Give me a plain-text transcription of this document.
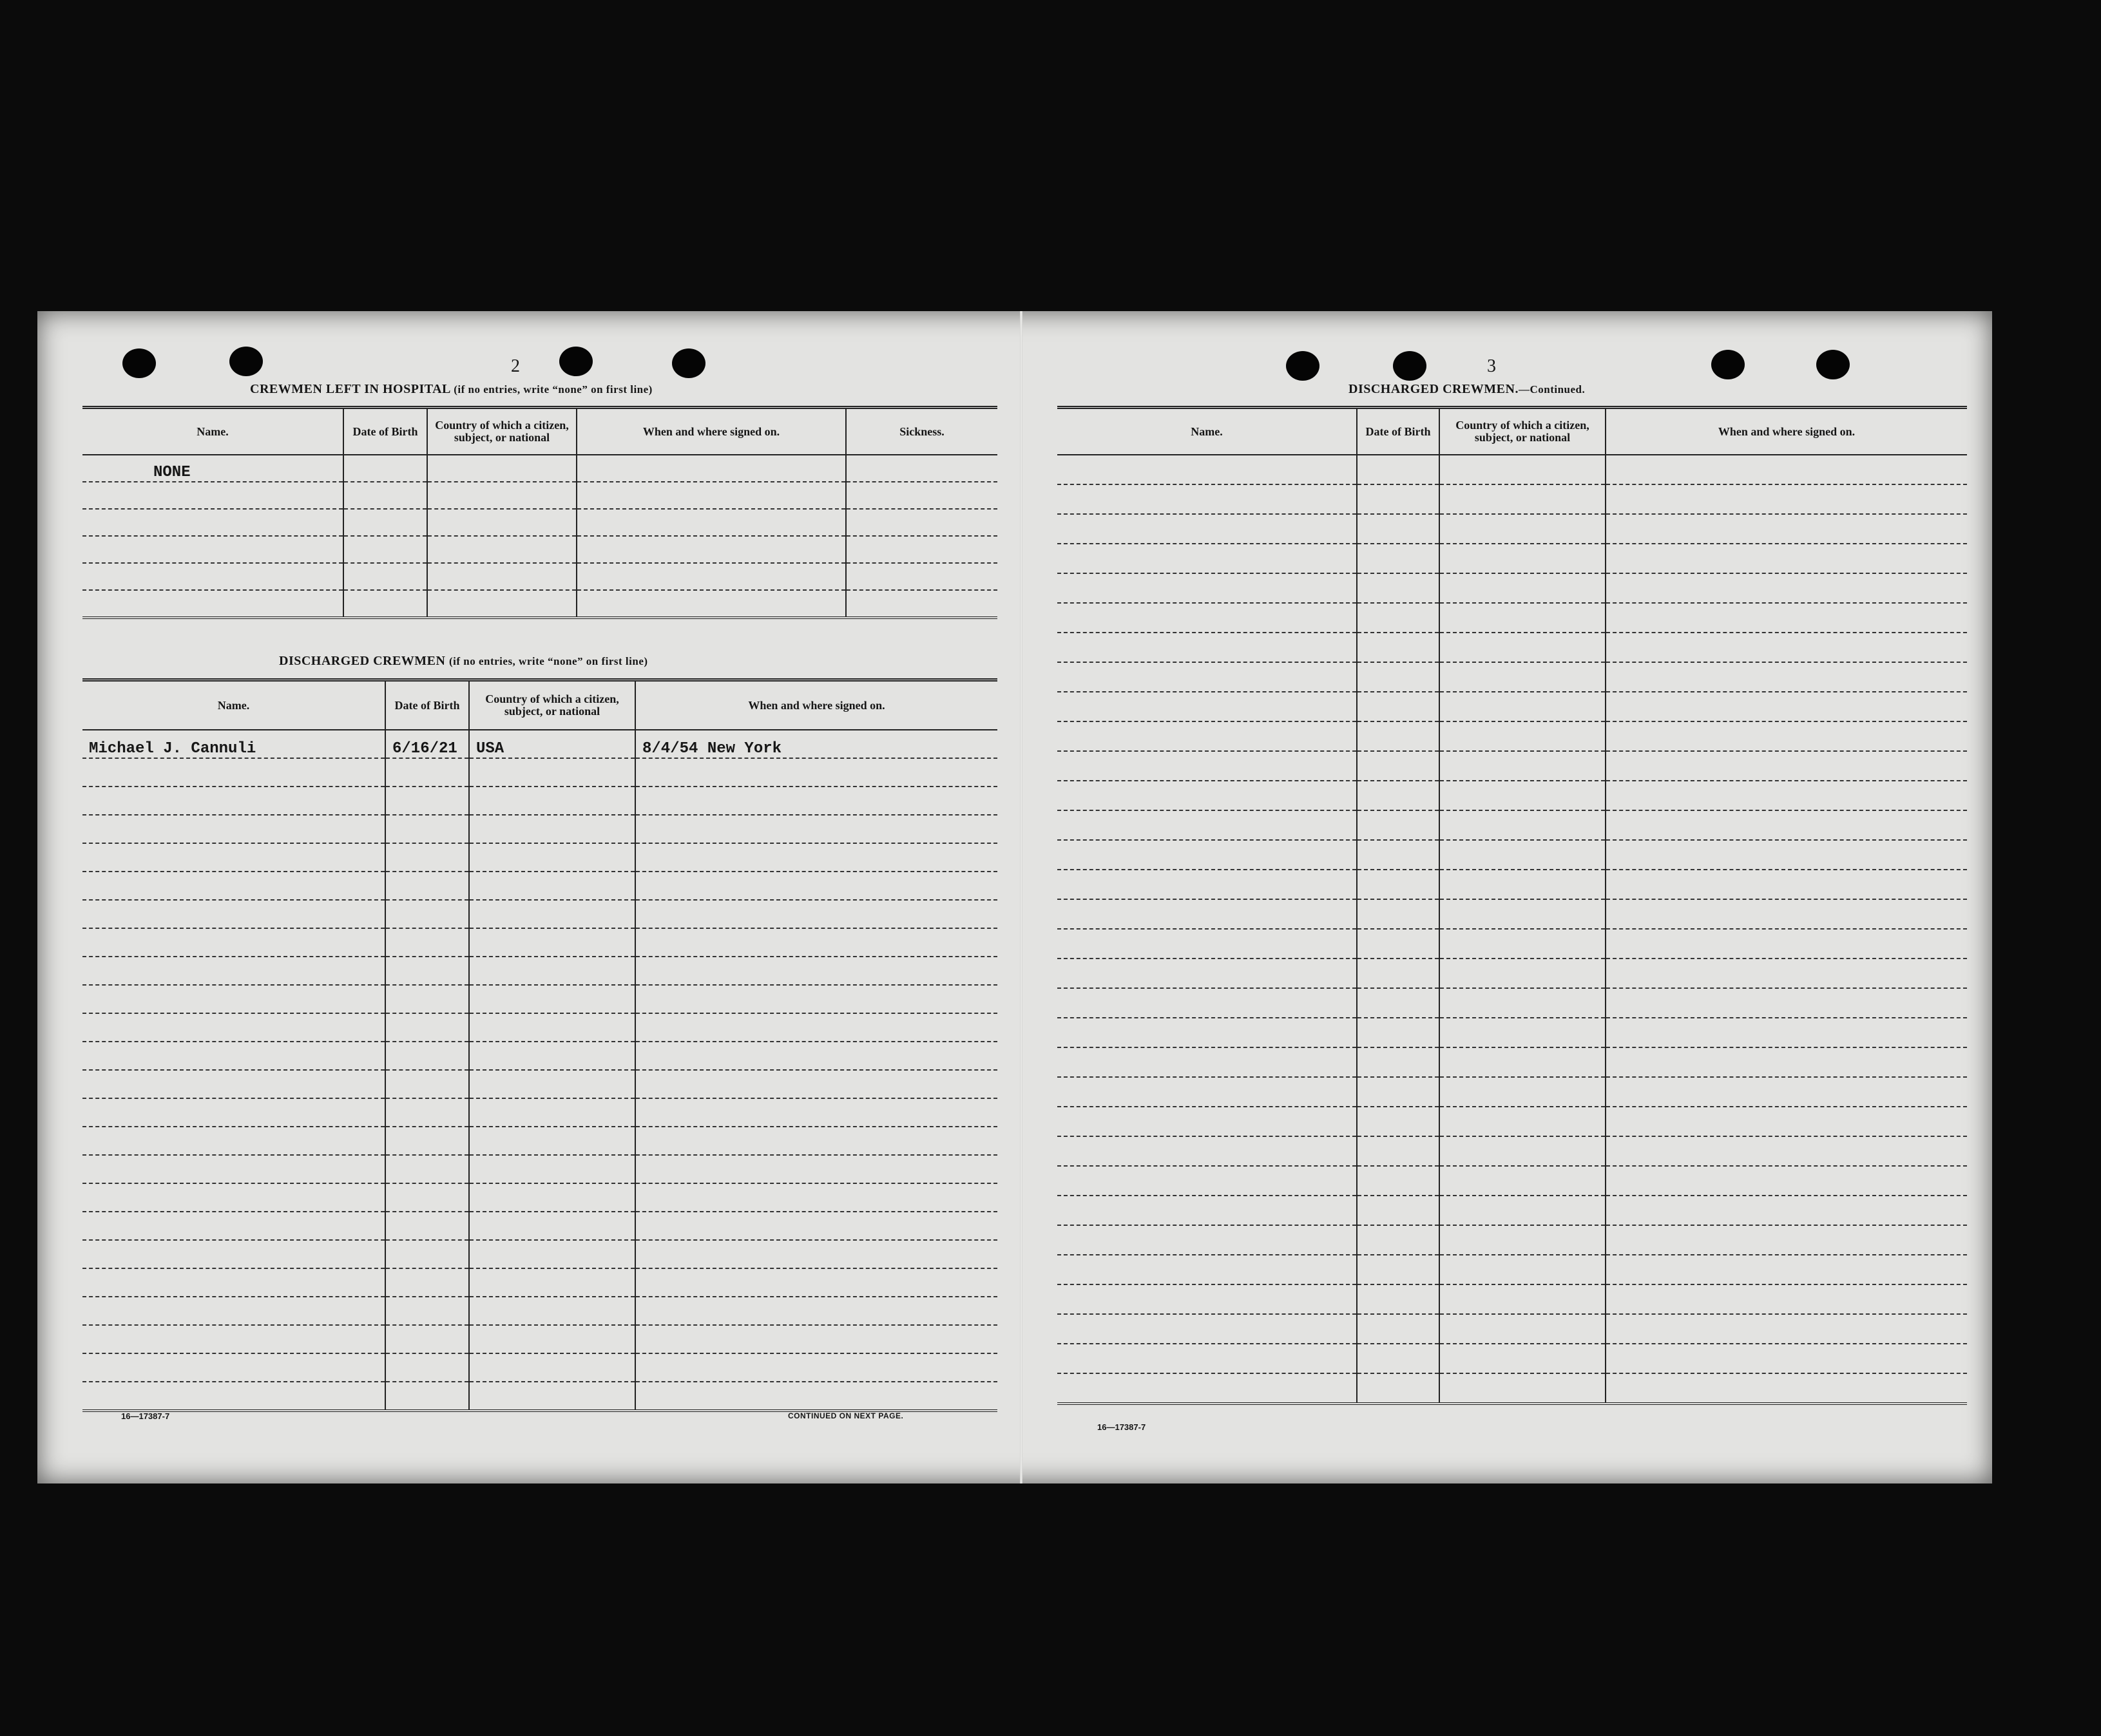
2
CREWMEN LEFT IN HOSPITAL (if no entries, write “none” on first line)
Name.	Date of Birth	Country of which a citizen, subject, or national	When and where signed on.	Sickness.
NONE				

DISCHARGED CREWMEN (if no entries, write “none” on first line)
Name.	Date of Birth	Country of which a citizen, subject, or national	When and where signed on.
Michael J. Cannuli	6/16/21	USA	8/4/54 New York

16—17387-7	CONTINUED ON NEXT PAGE.
3
DISCHARGED CREWMEN.—Continued.
Name.	Date of Birth	Country of which a citizen, subject, or national	When and where signed on.

16—17387-7
